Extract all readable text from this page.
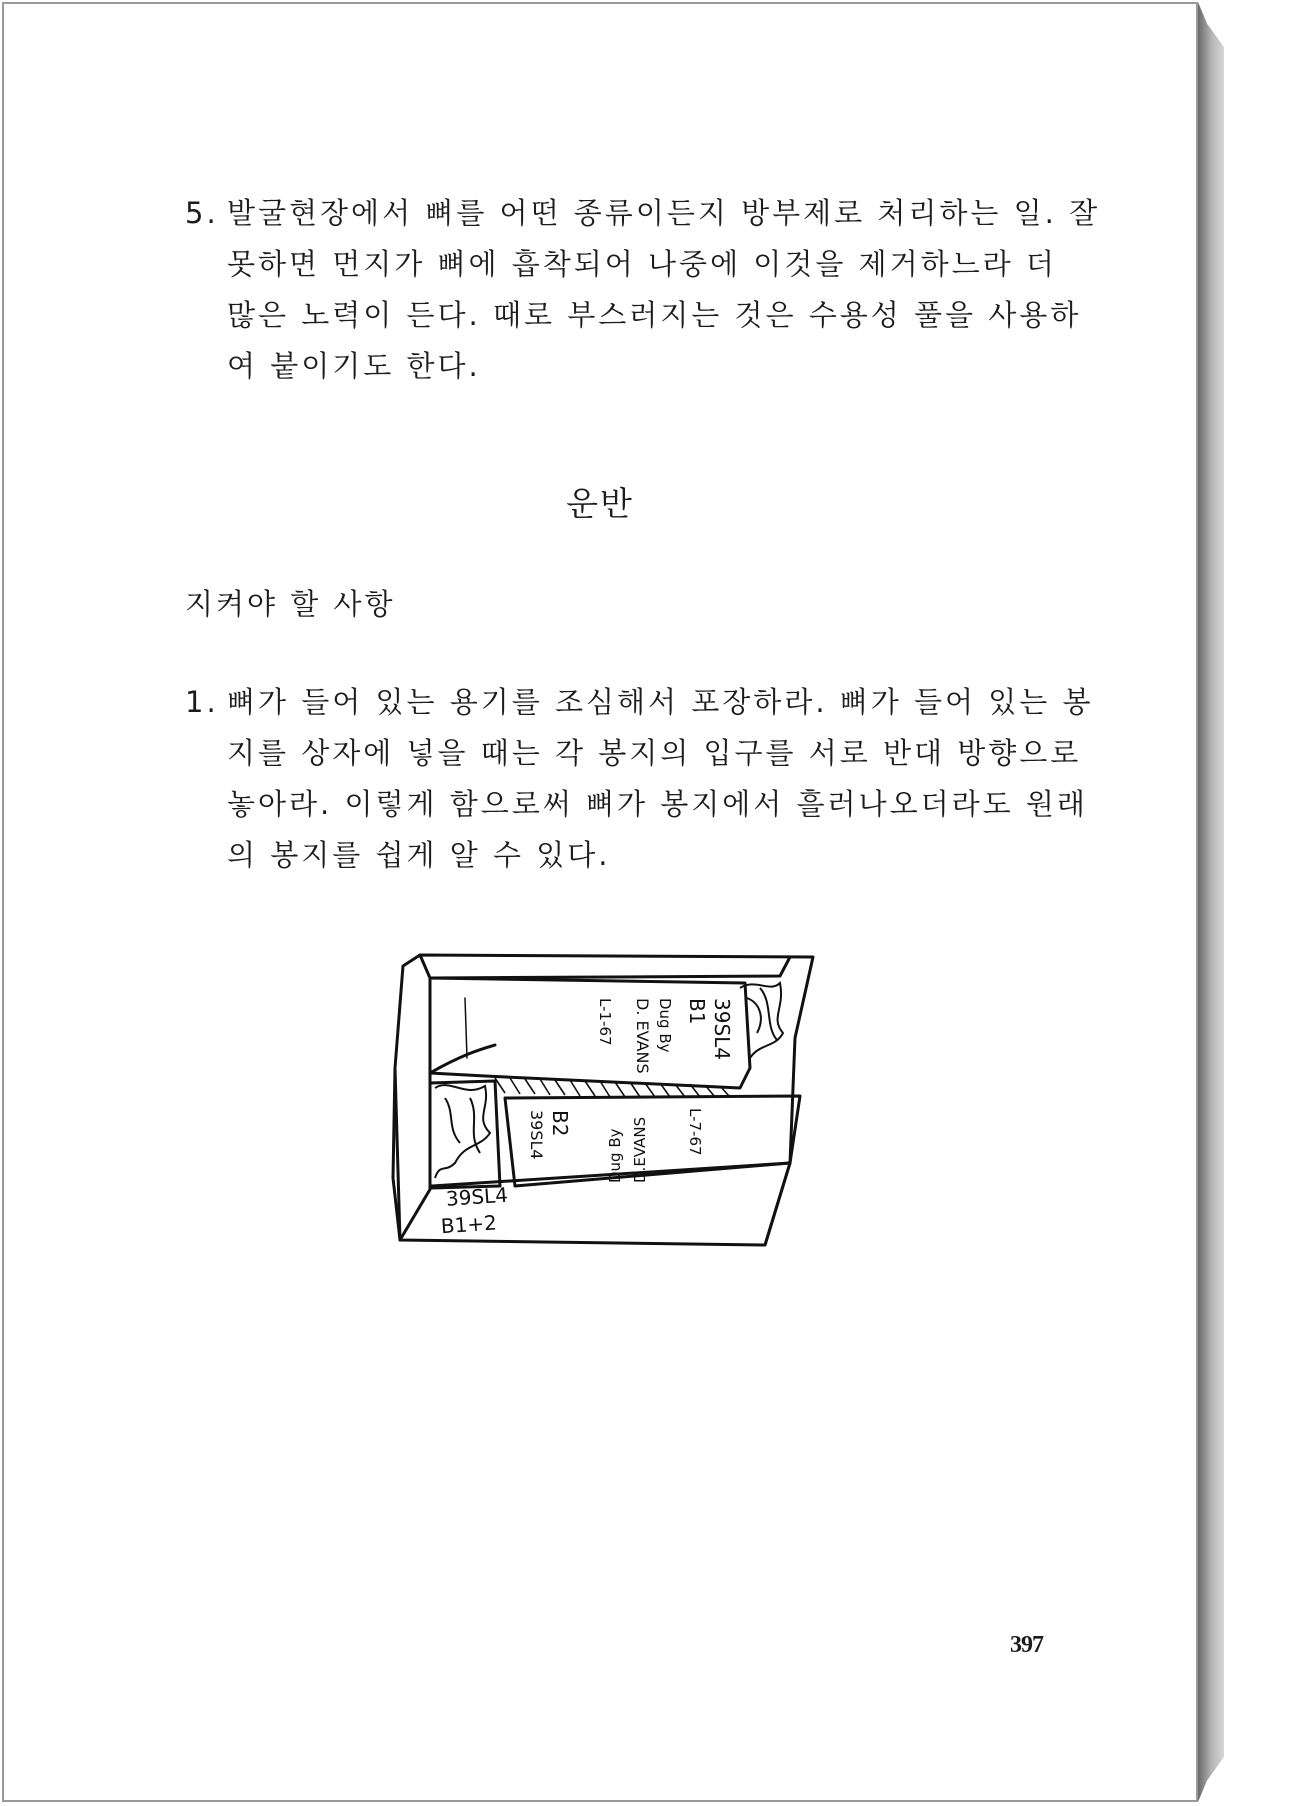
5. 발굴현장에서 뼈를 어떤 종류이든지 방부제로 처리하는 일. 잘
못하면 먼지가 뼈에 흡착되어 나중에 이것을 제거하느라 더
많은 노력이 든다. 때로 부스러지는 것은 수용성 풀을 사용하
여 붙이기도 한다.
운반
지켜야 할 사항
1. 뼈가 들어 있는 용기를 조심해서 포장하라. 뼈가 들어 있는 봉
지를 상자에 넣을 때는 각 봉지의 입구를 서로 반대 방향으로
놓아라. 이렇게 함으로써 뼈가 봉지에서 흘러나오더라도 원래
의 봉지를 쉽게 알 수 있다.
39SL4
B1
Dug By
D. EVANS
L-1-67
39SL4 B2
Dug By D.EVANS L-7-67
39SL4
B1+2
397
